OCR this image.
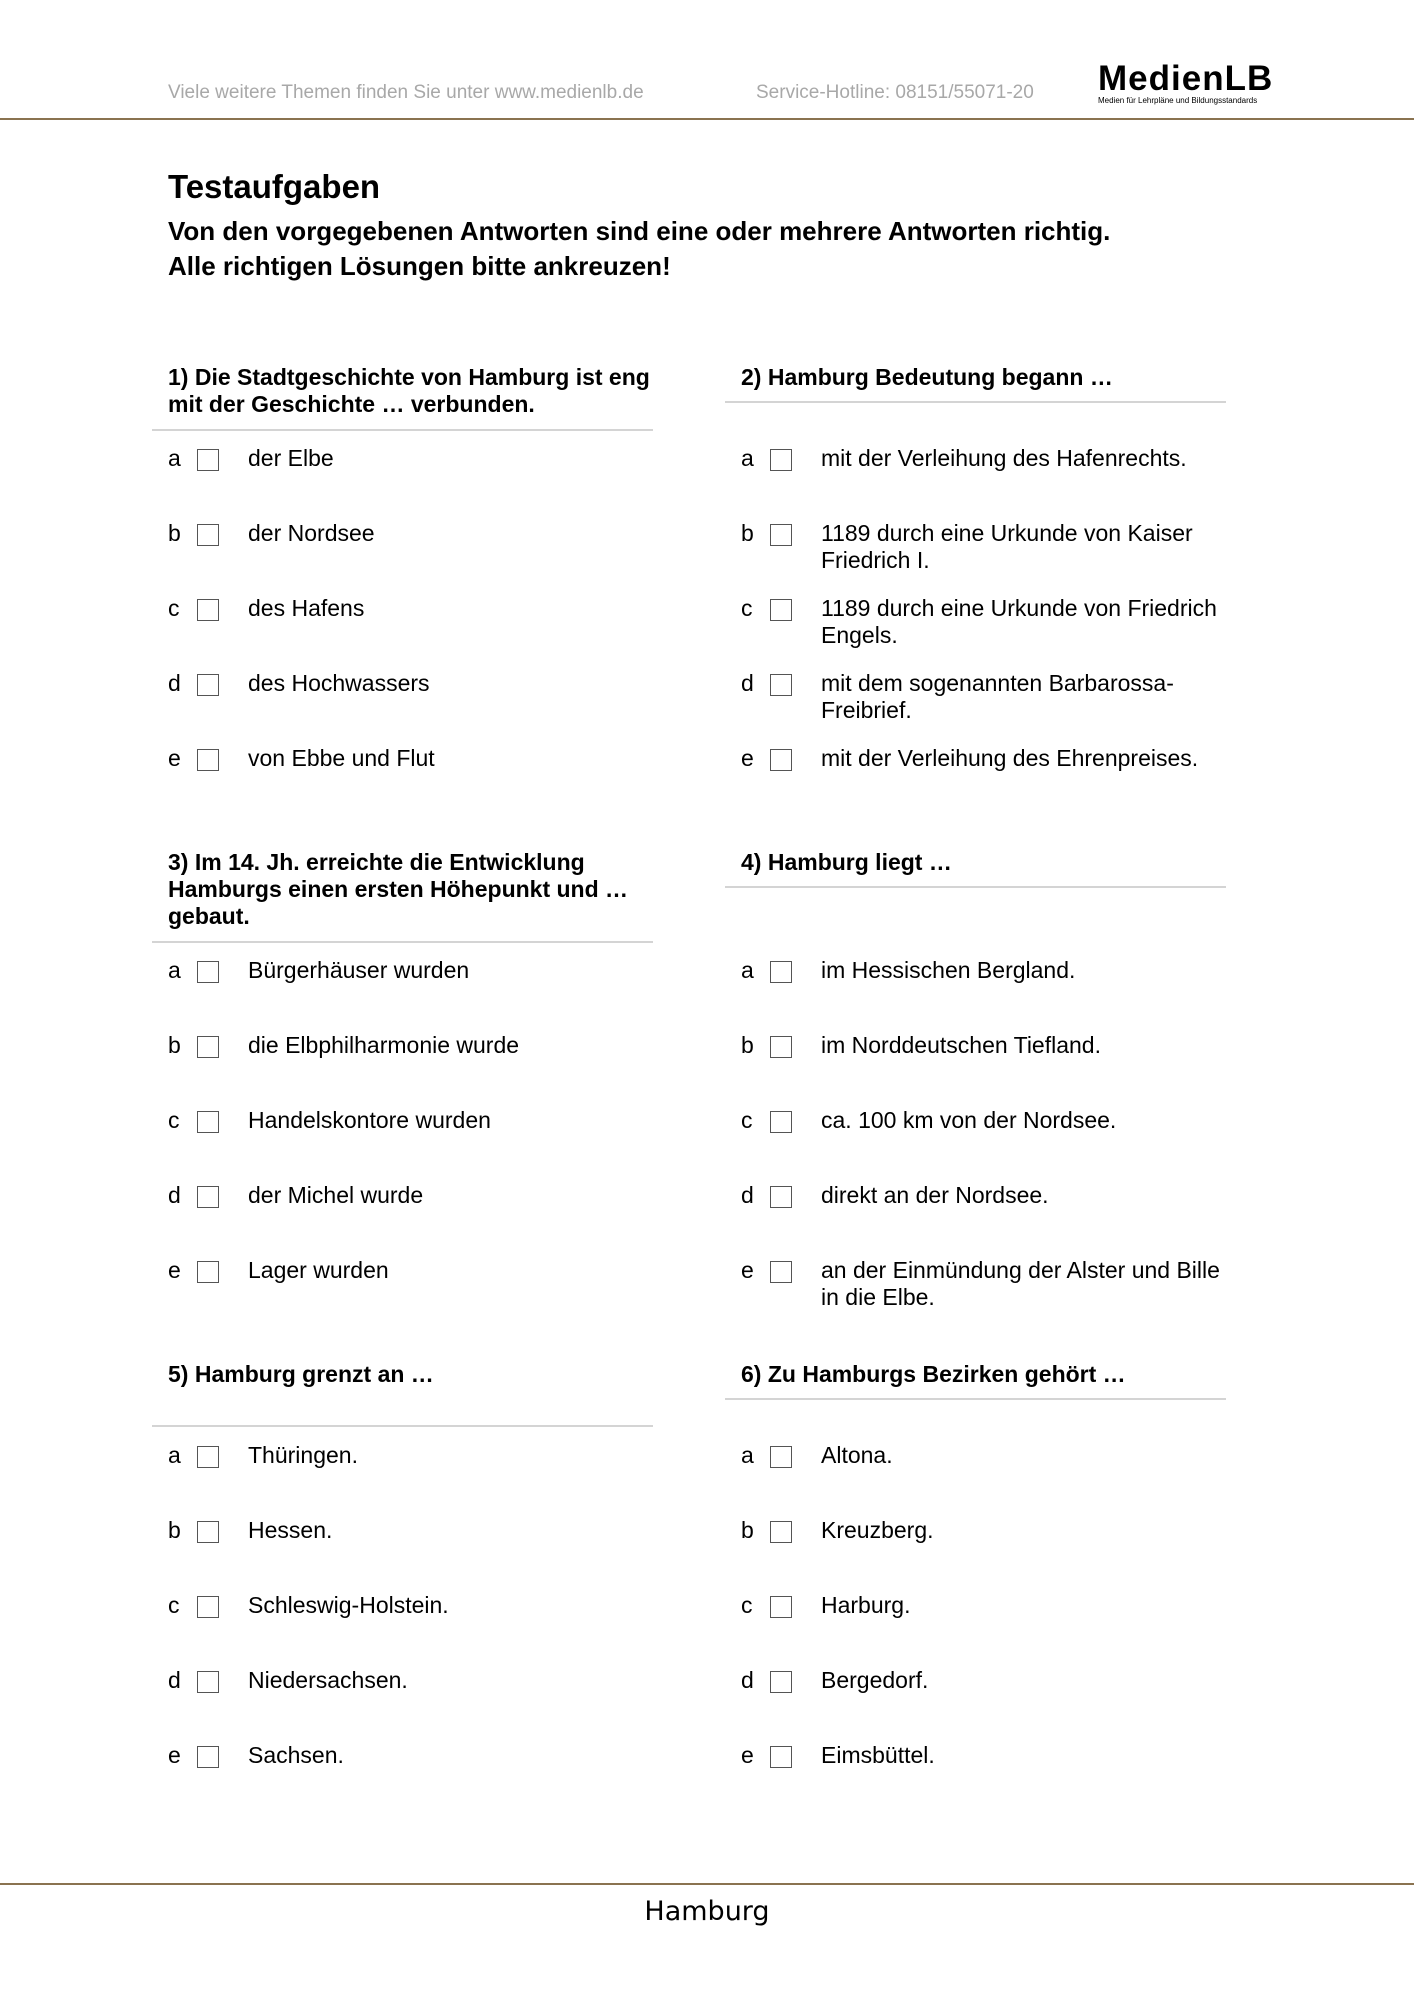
Viele weitere Themen finden Sie unter www.medienlb.de	Service-Hotline: 08151/55071-20 MedienLB
Medien für Lehrpläne und Bildungsstandards
Testaufgaben
Von den vorgegebenen Antworten sind eine oder mehrere Antworten richtig.
Alle richtigen Lösungen bitte ankreuzen!
1) Die Stadtgeschichte von Hamburg ist eng mit der Geschichte … verbunden.
a	der Elbe
b	der Nordsee
c	des Hafens
d	des Hochwassers
e	von Ebbe und Flut
2) Hamburg Bedeutung begann …
a	mit der Verleihung des Hafenrechts.
b	1189 durch eine Urkunde von Kaiser Friedrich I.
c	1189 durch eine Urkunde von Friedrich Engels.
d	mit dem sogenannten Barbarossa-Freibrief.
e	mit der Verleihung des Ehrenpreises.
3) Im 14. Jh. erreichte die Entwicklung Hamburgs einen ersten Höhepunkt und … gebaut.
a	Bürgerhäuser wurden
b	die Elbphilharmonie wurde
c	Handelskontore wurden
d	der Michel wurde
e	Lager wurden
4) Hamburg liegt …
a	im Hessischen Bergland.
b	im Norddeutschen Tiefland.
c	ca. 100 km von der Nordsee.
d	direkt an der Nordsee.
e	an der Einmündung der Alster und Bille in die Elbe.
5) Hamburg grenzt an …
a	Thüringen.
b	Hessen.
c	Schleswig-Holstein.
d	Niedersachsen.
e	Sachsen.
6) Zu Hamburgs Bezirken gehört …
a	Altona.
b	Kreuzberg.
c	Harburg.
d	Bergedorf.
e	Eimsbüttel.
Hamburg
